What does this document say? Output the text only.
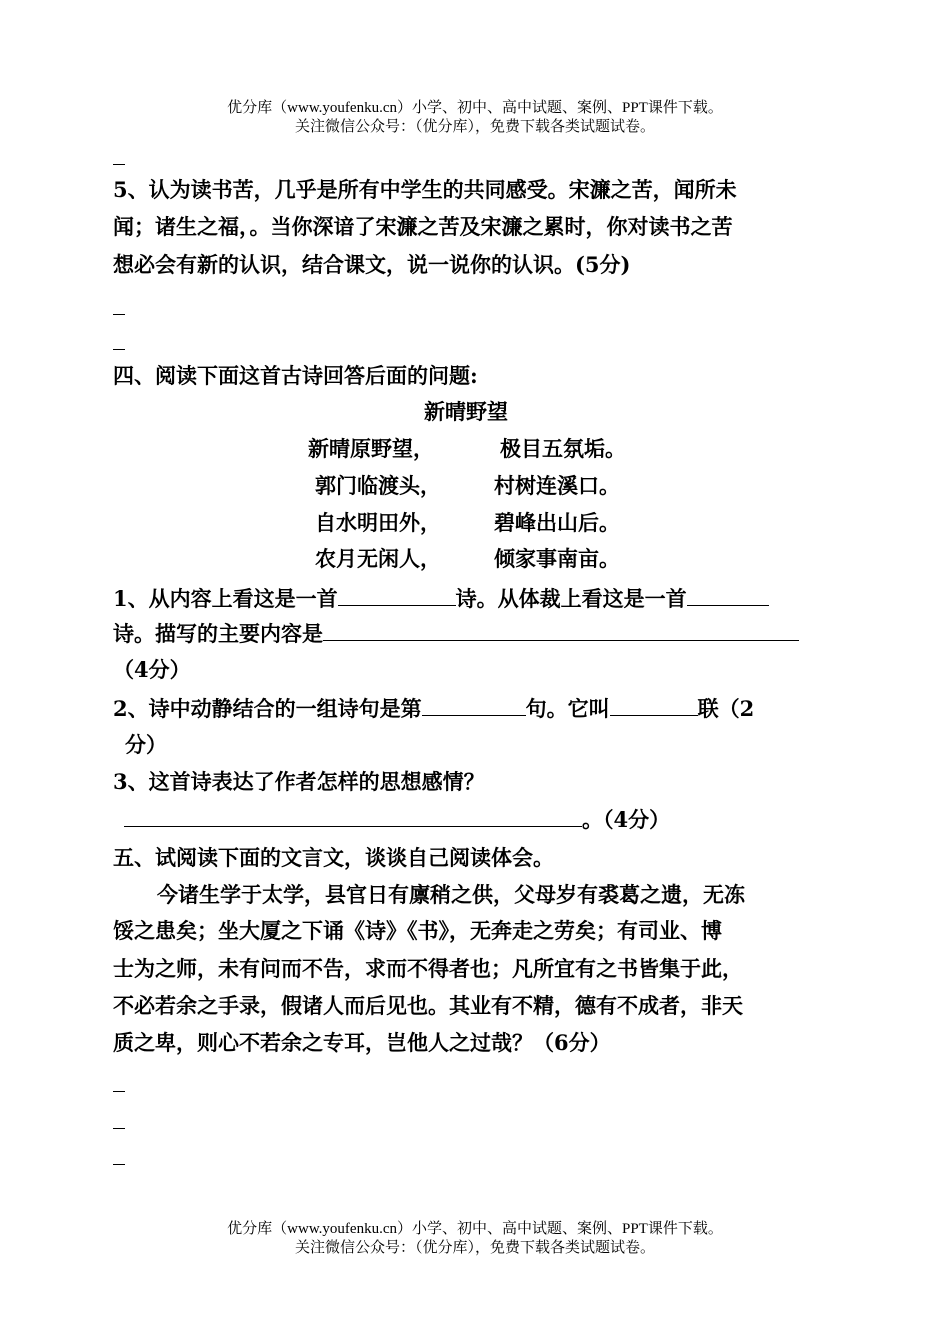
优分库（www.youfenku.cn）小学、初中、高中试题、案例、PPT课件下载。
关注微信公众号：（优分库），免费下载各类试题试卷。
5、认为读书苦，几乎是所有中学生的共同感受。宋濂之苦，闻所未
闻；诸生之福，。当你深谙了宋濂之苦及宋濂之累时，你对读书之苦
想必会有新的认识，结合课文，说一说你的认识。(5分)
四、阅读下面这首古诗回答后面的问题:
新晴野望
新晴原野望，	极目五氛垢。
郭门临渡头，	村树连溪口。
自水明田外，	碧峰出山后。
农月无闲人，	倾家事南亩。
1、从内容上看这是一首	诗。从体裁上看这是一首
诗。描写的主要内容是
（4分）
2、诗中动静结合的一组诗句是第	句。它叫	联（2
分）
3、这首诗表达了作者怎样的思想感情？
。（4分）
五、试阅读下面的文言文，谈谈自己阅读体会。
今诸生学于太学，县官日有廪稍之供，父母岁有裘葛之遗，无冻
馁之患矣；坐大厦之下诵《诗》《书》，无奔走之劳矣；有司业、博
士为之师，未有问而不告，求而不得者也；凡所宜有之书皆集于此，
不必若余之手录，假诸人而后见也。其业有不精，德有不成者，非天
质之卑，则心不若余之专耳，岂他人之过哉？（6分）
优分库（www.youfenku.cn）小学、初中、高中试题、案例、PPT课件下载。
关注微信公众号：（优分库），免费下载各类试题试卷。
